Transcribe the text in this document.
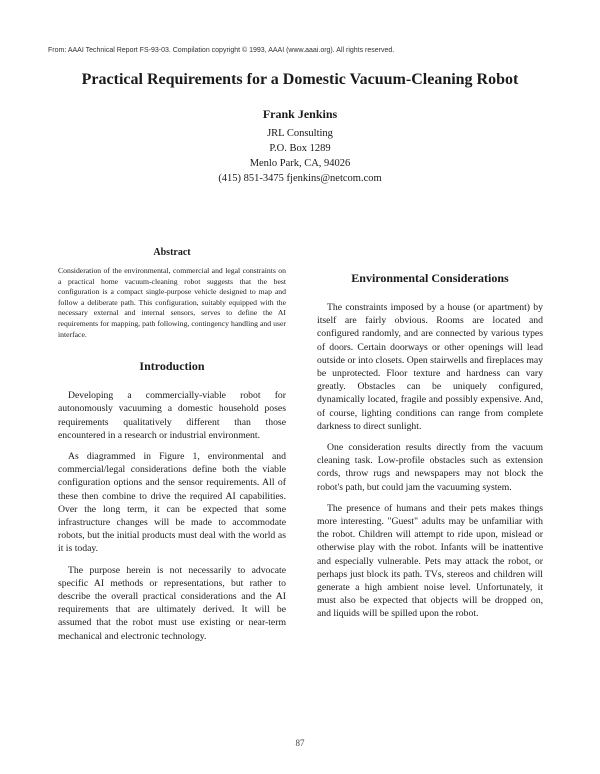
From: AAAI Technical Report FS-93-03. Compilation copyright © 1993, AAAI (www.aaai.org). All rights reserved.
Practical Requirements for a Domestic Vacuum-Cleaning Robot
Frank Jenkins
JRL Consulting
P.O. Box 1289
Menlo Park, CA, 94026
(415) 851-3475 fjenkins@netcom.com
Abstract

Consideration of the environmental, commercial and legal constraints on a practical home vacuum-cleaning robot suggests that the best configuration is a compact single-purpose vehicle designed to map and follow a deliberate path. This configuration, suitably equipped with the necessary external and internal sensors, serves to define the AI requirements for mapping, path following, contingency handling and user interface.

Introduction

Developing a commercially-viable robot for autonomously vacuuming a domestic household poses requirements qualitatively different than those encountered in a research or industrial environment.

As diagrammed in Figure 1, environmental and commercial/legal considerations define both the viable configuration options and the sensor requirements. All of these then combine to drive the required AI capabilities. Over the long term, it can be expected that some infrastructure changes will be made to accommodate robots, but the initial products must deal with the world as it is today.

The purpose herein is not necessarily to advocate specific AI methods or representations, but rather to describe the overall practical considerations and the AI requirements that are ultimately derived. It will be assumed that the robot must use existing or near-term mechanical and electronic technology.

Environmental Considerations

The constraints imposed by a house (or apartment) by itself are fairly obvious. Rooms are located and configured randomly, and are connected by various types of doors. Certain doorways or other openings will lead outside or into closets. Open stairwells and fireplaces may be unprotected. Floor texture and hardness can vary greatly. Obstacles can be uniquely configured, dynamically located, fragile and possibly expensive. And, of course, lighting conditions can range from complete darkness to direct sunlight.

One consideration results directly from the vacuum cleaning task. Low-profile obstacles such as extension cords, throw rugs and newspapers may not block the robot's path, but could jam the vacuuming system.

The presence of humans and their pets makes things more interesting. "Guest" adults may be unfamiliar with the robot. Children will attempt to ride upon, mislead or otherwise play with the robot. Infants will be inattentive and especially vulnerable. Pets may attack the robot, or perhaps just block its path. TVs, stereos and children will generate a high ambient noise level. Unfortunately, it must also be expected that objects will be dropped on, and liquids will be spilled upon the robot.

87
